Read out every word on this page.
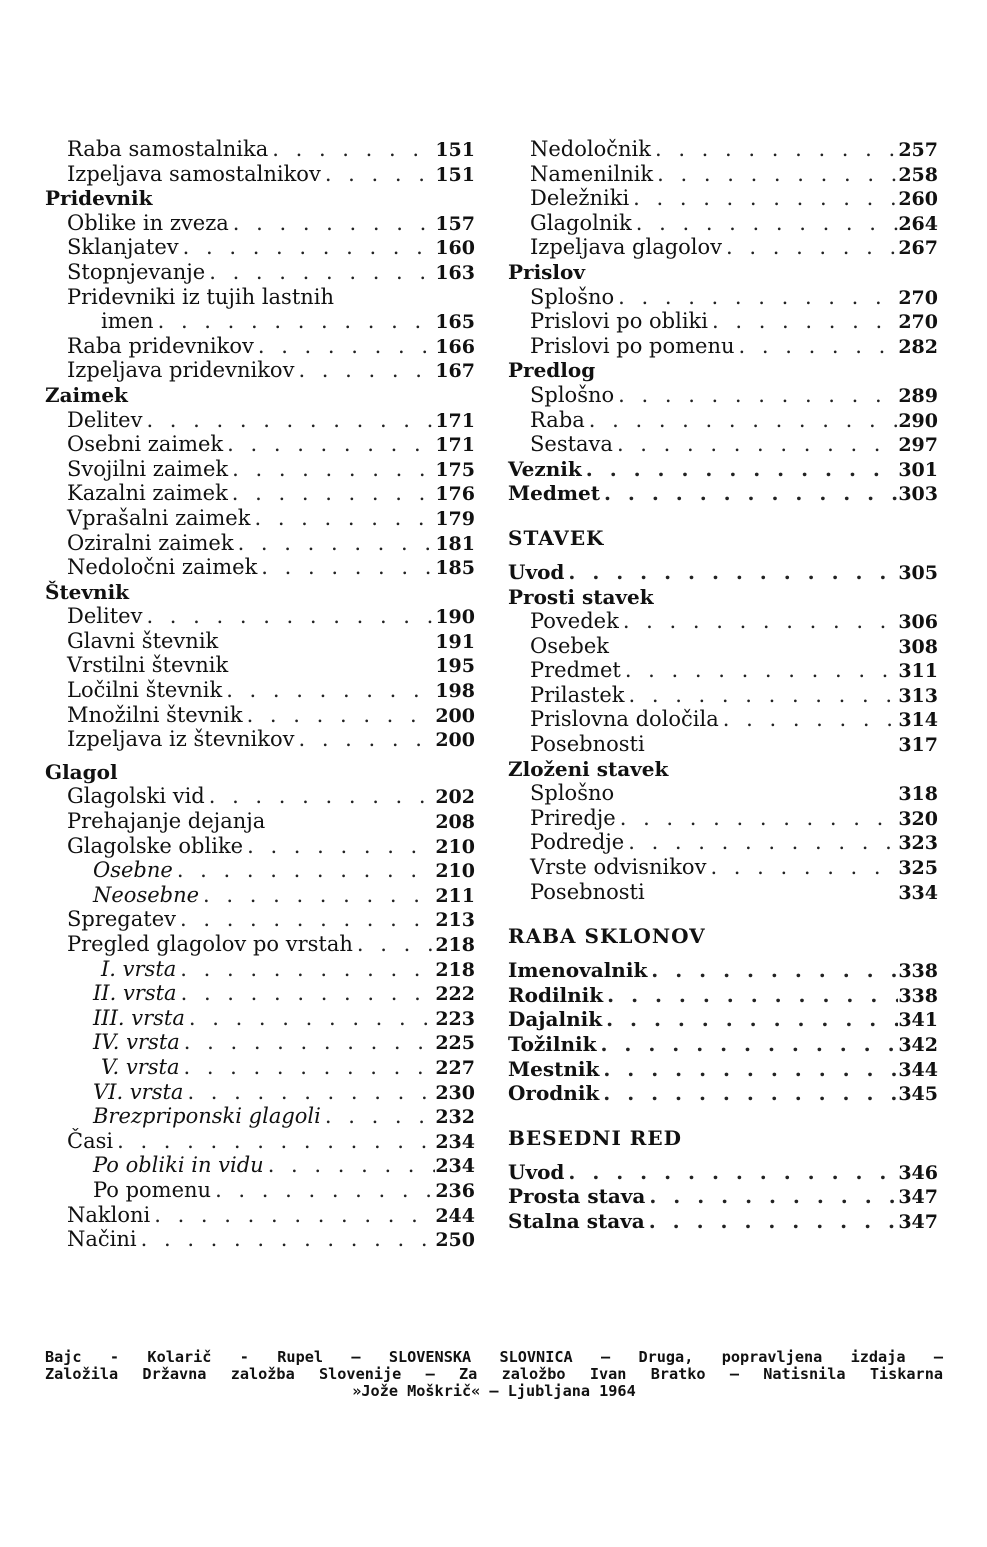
Raba samostalnika . . .	151
Izpeljava samostalnikov . . .	151
Pridevnik
Oblike in zveza . . .	157
Sklanjatev . . .	160
Stopnjevanje . . .	163
Pridevniki iz tujih lastnih
imen . . .	165
Raba pridevnikov . . .	166
Izpeljava pridevnikov . . .	167
Zaimek
Delitev . . .	171
Osebni zaimek . . .	171
Svojilni zaimek . . .	175
Kazalni zaimek . . .	176
Vprašalni zaimek . . .	179
Oziralni zaimek . . .	181
Nedoločni zaimek . . .	185
Števnik
Delitev . . .	190
Glavni števnik	191
Vrstilni števnik	195
Ločilni števnik . . .	198
Množilni števnik . . .	200
Izpeljava iz števnikov . . .	200
Glagol
Glagolski vid . . .	202
Prehajanje dejanja	208
Glagolske oblike . . .	210
Osebne . . .	210
Neosebne . . .	211
Spregatev . . .	213
Pregled glagolov po vrstah . . .	218
I. vrsta . . .	218
II. vrsta . . .	222
III. vrsta . . .	223
IV. vrsta . . .	225
V. vrsta . . .	227
VI. vrsta . . .	230
Brezpriponski glagoli . . .	232
Časi . . .	234
Po obliki in vidu . . .	234
Po pomenu . . .	236
Nakloni . . .	244
Načini . . .	250
Nedoločnik . . .	257
Namenilnik . . .	258
Deležniki . . .	260
Glagolnik . . .	264
Izpeljava glagolov . . .	267
Prislov
Splošno . . .	270
Prislovi po obliki . . .	270
Prislovi po pomenu . . .	282
Predlog
Splošno . . .	289
Raba . . .	290
Sestava . . .	297
Veznik . . .	301
Medmet . . .	303
STAVEK
Uvod . . .	305
Prosti stavek
Povedek . . .	306
Osebek	308
Predmet . . .	311
Prilastek . . .	313
Prislovna določila . . .	314
Posebnosti	317
Zloženi stavek
Splošno	318
Priredje . . .	320
Podredje . . .	323
Vrste odvisnikov . . .	325
Posebnosti	334
RABA SKLONOV
Imenovalnik . . .	338
Rodilnik . . .	338
Dajalnik . . .	341
Tožilnik . . .	342
Mestnik . . .	344
Orodnik . . .	345
BESEDNI RED
Uvod . . .	346
Prosta stava . . .	347
Stalna stava . . .	347
Bajc - Kolarič - Rupel — SLOVENSKA SLOVNICA — Druga, popravljena izdaja —
Založila Državna založba Slovenije — Za založbo Ivan Bratko — Natisnila Tiskarna
»Jože Moškrič« — Ljubljana 1964
